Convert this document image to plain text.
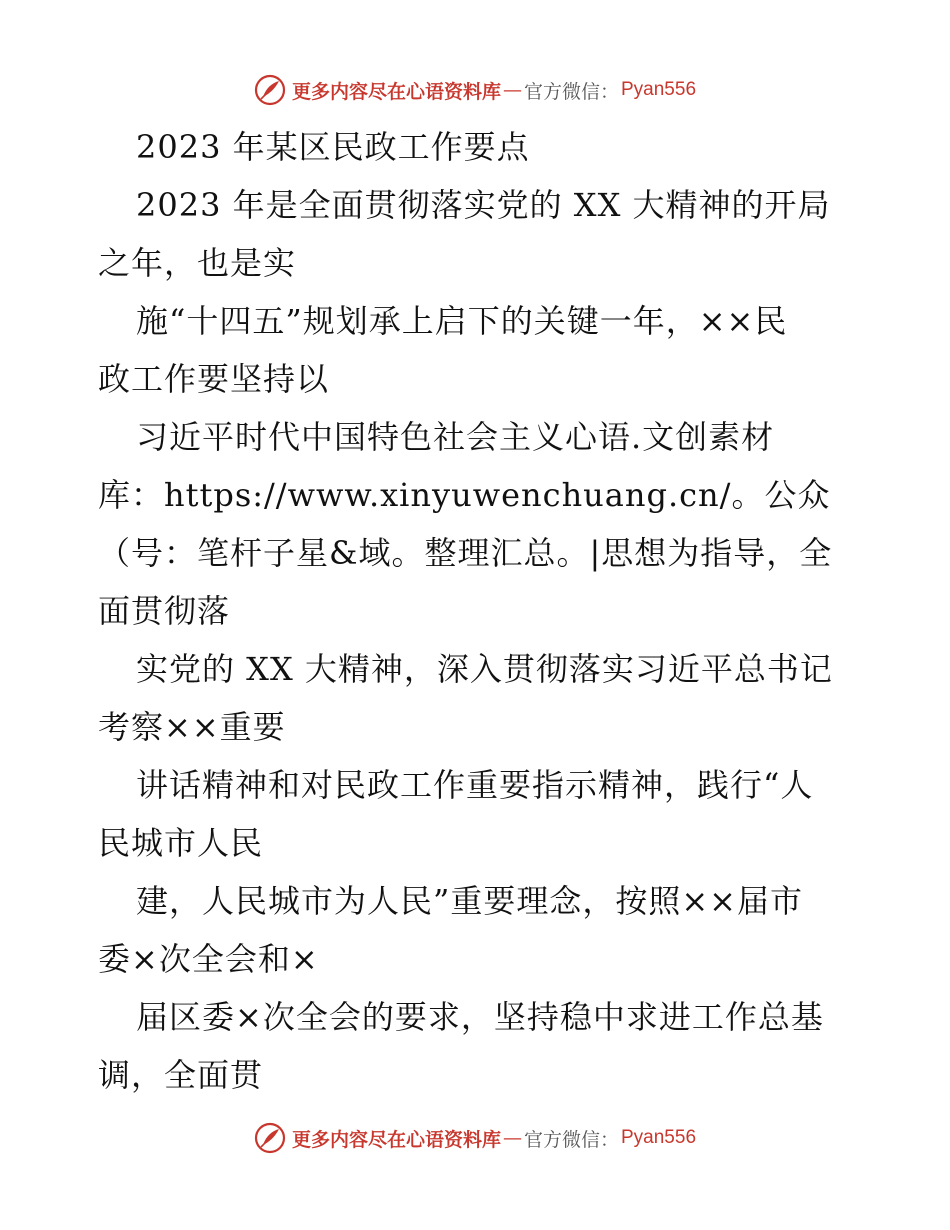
更多内容尽在心语资料库 — 官方微信： Pyan556
2023 年某区民政工作要点
2023 年是全面贯彻落实党的 XX 大精神的开局
之年，也是实
施“十四五”规划承上启下的关键一年，××民
政工作要坚持以
习近平时代中国特色社会主义心语.文创素材
库：https://www.xinyuwenchuang.cn/。公众
（号：笔杆子星&域。整理汇总。|思想为指导，全
面贯彻落
实党的 XX 大精神，深入贯彻落实习近平总书记
考察××重要
讲话精神和对民政工作重要指示精神，践行“人
民城市人民
建，人民城市为人民”重要理念，按照××届市
委×次全会和×
届区委×次全会的要求，坚持稳中求进工作总基
调，全面贯
更多内容尽在心语资料库 — 官方微信： Pyan556
